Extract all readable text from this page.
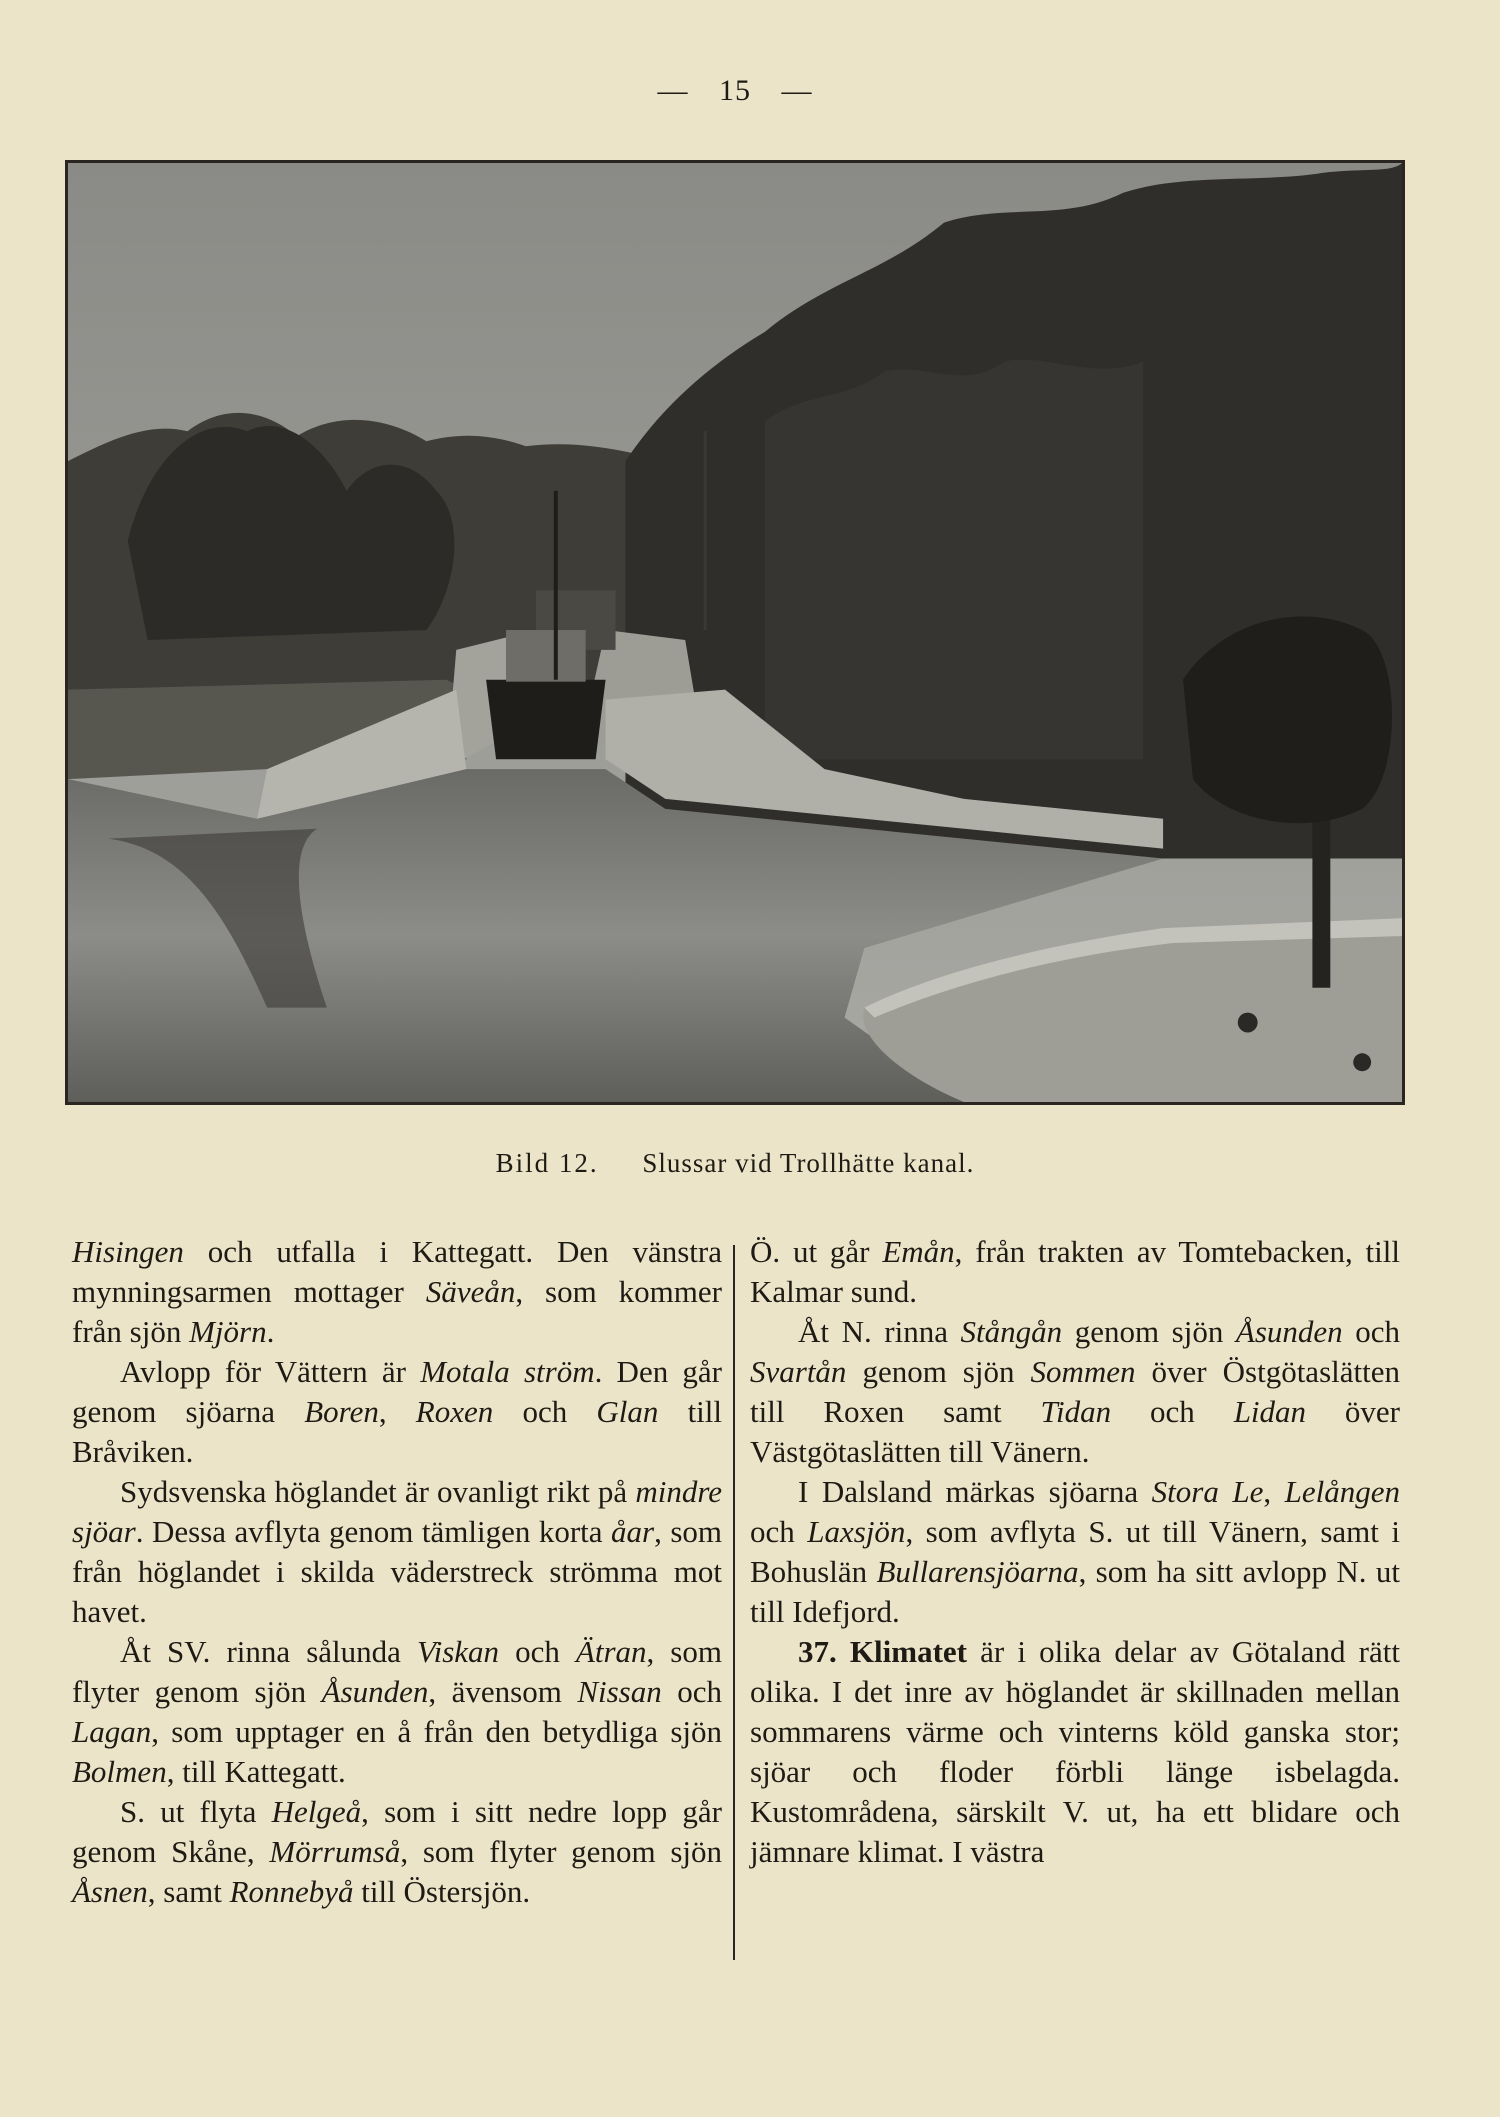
— 15 —
Bild 12. Slussar vid Trollhätte kanal.

Hisingen och utfalla i Kattegatt. Den vänstra mynningsarmen mottager Säveån, som kommer från sjön Mjörn.

Avlopp för Vättern är Motala ström. Den går genom sjöarna Boren, Roxen och Glan till Bråviken.

Sydsvenska höglandet är ovanligt rikt på mindre sjöar. Dessa avflyta genom tämligen korta åar, som från höglandet i skilda väderstreck strömma mot havet.

Åt SV. rinna sålunda Viskan och Ätran, som flyter genom sjön Åsunden, ävensom Nissan och Lagan, som upptager en å från den betydliga sjön Bolmen, till Kattegatt.

S. ut flyta Helgeå, som i sitt nedre lopp går genom Skåne, Mörrumså, som flyter genom sjön Åsnen, samt Ronnebyå till Östersjön.

Ö. ut går Emån, från trakten av Tomtebacken, till Kalmar sund.

Åt N. rinna Stångån genom sjön Åsunden och Svartån genom sjön Sommen över Östgötaslätten till Roxen samt Tidan och Lidan över Västgötaslätten till Vänern.

I Dalsland märkas sjöarna Stora Le, Lelången och Laxsjön, som avflyta S. ut till Vänern, samt i Bohuslän Bullarensjöarna, som ha sitt avlopp N. ut till Idefjord.

37. Klimatet är i olika delar av Götaland rätt olika. I det inre av höglandet är skillnaden mellan sommarens värme och vinterns köld ganska stor; sjöar och floder förbli länge isbelagda. Kustområdena, särskilt V. ut, ha ett blidare och jämnare klimat. I västra
